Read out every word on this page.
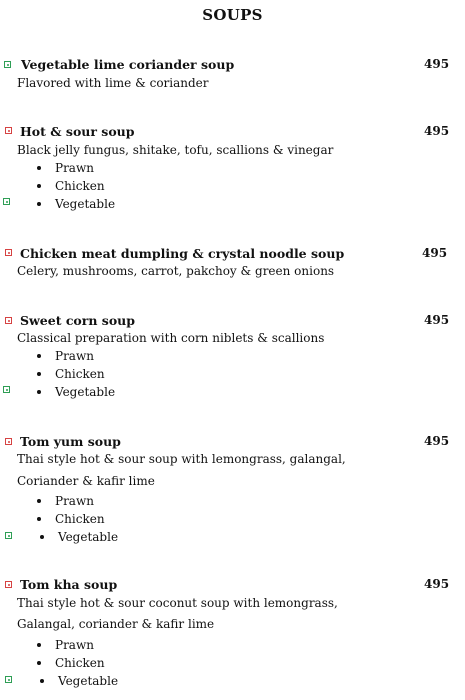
SOUPS
Vegetable lime coriander soup	495
Flavored with lime & coriander
Hot & sour soup	495
Black jelly fungus, shitake, tofu, scallions & vinegar
Prawn
Chicken
Vegetable
Chicken meat dumpling & crystal noodle soup	495
Celery, mushrooms, carrot, pakchoy & green onions
Sweet corn soup	495
Classical preparation with corn niblets & scallions
Prawn
Chicken
Vegetable
Tom yum soup	495
Thai style hot & sour soup with lemongrass, galangal,
Coriander & kafir lime
Prawn
Chicken
Vegetable
Tom kha soup	495
Thai style hot & sour coconut soup with lemongrass,
Galangal, coriander & kafir lime
Prawn
Chicken
Vegetable
